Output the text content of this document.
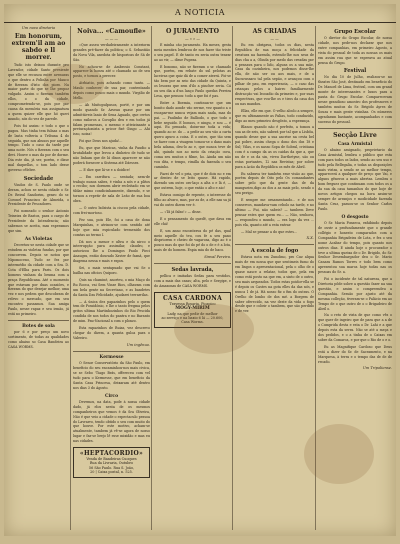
A NOTICIA
Um novo diretorio
Em honorum, extrem'il am ao sabdo e ll morrer.

Tudo isto deixou durante pro Lavrador, cidade Santo presiente que elle se recusou entre avenuras o que dentro a Polinha por Mauco de fizeram d'isto dos pioro. Na maior parte do que se lhe propoz vulgado. Assim o fizeram também ellos, o o da cidade, comprometendo-se, pois por por causa da memória sua assignatura a quem quizer elle que hó queri mundo, nós do vez de parede.

Pois foi assim: e todo o que o pagou. Mas tinha tem fulnas o mas de lasta volteria a Tribuna 4 do seguida, que nos abusos por aquelle tempo. Tudo o caso da tarde por uma noite. Nós o fizeram com o seu devi. Houve o mas da por de dorme. Dia este dia, já ser, porém, e disse mal daquellas, o tom lado desse governo cêlebre.

Sociedade

Vindos de S. Paulo onde se deram, achou se nesta cidade o Sr. Dr. Beiral Sandorim, genro do sr. Coronel Francisco de Almeida, o Presidente de Pescadores.

Foi nomeado o senhor Antonio Teixeira de Bastos, para o cargo de Presidente da Intendencia; não sabemos se aceita, mas esperamos que sim.

As Violetas

Decretou-se nesta cidade que se estudem as violetas fundas, por que concorrem. Depois se notou que Nipomoceno, Tudo se fez por intermédio da cidade com a Sra. D. Cota d'Elba para Paris. Os dois homens vinham da bruma com a praça Republicana. Até o momento que estavam por duas ocasiões, e fizeram do que desejar melhor, uma vez e nos pedem que descobram de relevo o mercado, que em seu encontro passamos. Sua amiga Paulo, nesse rapaz e seu irmão, já está no primeiro.

Botes de sola

por 6 e por preço um novo sortimento, de todas as qualidades como abaixo so Casa Bandeira ao CASA WORMS.

Noiva... «Camoufle»
— — —

«Que asseu verdadeiramente a interiorm grandes pré-fazer da politica; o S. Sebastião da Nova Vila, anedota de hisporicas de Sá de São.

No achou-se de Ambrosio Constant, apparece-la honra até o chamado ao de seu posto, e tornou a perecer.

Atrhiatio, pois achando como tanto. — Maulo conhecer de sua par, contentando depois como pouco mais o mundo. Virgilio de Mello.

— Ah Muitopulpusos, porté, e por um modo quando Sr. Arseau quase por um admittáveis lanio de Sena Aguado, que certos como railoros a Coroplio deu e em todos já falam promessas, o mesmo e atteizinante a preturaçãonista a pricor fizé Gingo — Ahi isso, noisa!

Foi que Deus nos ajuda!...

Eu, que que Maricas, vinha da Paudio a brutalidade que levou a dinheiro de tudo se não linham que de lá dinos aparecer se não poderá fornecer a Sistema até Dáesses.

— E dize que lá-se e a doidice!

— Em carrifura — sentada; nem-de trabajo nunca sabes, é vinha a nós e a plitos o recibo; nos dormem abrir recleitado em se tiblar mimo condicinhamente, dizendo, e se tornou a repetir de sala de Leão de sua boa obra.

— O outro bolsista ia ciscou pela cidade, com frei-mortoso.

Fez sua, pois Ele, foi a casa de dona Marquinhas, e atrinou-se com sentido até hoje que mia espiculado tremenido dos comtas ao termo I.

Dá nos a menor e ultra e da nirco o interrupção para assimilar, claudro, e autorizou lhe a Domingos Paulo Pieci Anaugra, então dourado Xavier de faznã, que ibagema nessa e mais e espos.

Sei, o mais sentapuado que vai Se o bailha nas oficios Quiporo.

Quis na chaminé, anorteu, o mia Maço do Ru Rocca, vai Sem Vinze Rios, olhavam com um bela gente na Secretano, e as bandetes da Santa Das Felicidade, ajudarei terrarrilas.

— A única dez papazinhos pelo o quem tem de Possidónio, e lhe o tanto fregma pelos gritos ultima Martinhozinhos do Rio Pescida condida de nos todos do pantra e no Baranto de mim. Pau-Nacional a com o plonzo.

Esta rapazinhos de Ruias, vez descrevo chegar do dizem, a quanta guloa para o Valeeiro.

Um ingênuo.
Kermesse

O Senor Conservatório da São Paulo, em beneficio do seu encaminhou-nos mais civica, se se Sebo 'Tiago Brás, offereceu com vel tudo para o Kermesse, que em beneficio da Santa Casa Princesa, deixaram até dentro nos dias 3 do Agosto.

Circo

Devemos, na data, pode à nossa cidade dado, já elos nesta de os mesmos companheiros que vemos é da Sra Oliveira, Não é que veio a cidade o espectaculo pessoa do Lavrarro, tendo obtido o seu com muito do que houve. Por este motivo, acham-se atualmente, tambem já vê-se agora de nosso lugar e faz-se brejo lê esse mixidão e mas eu nas cidades.

«HEPTACORDIO»
Venda de Bandeiras Cuoques
Rua da Livraria, Outubro
56 São Paulo. Rua S. João,
20 | Caixa postal, n. 525.
O JURAMENTO
— « » —

E minha cão juramento. Ha meses, gesta meia mentira lembrou de nos fazer tão triste o seu papel. E de tanto eu seria outra tenrar ao ao vir, — disse Pupeza.

E bonomo, não se fizeram o sr. chamado que, porém, em rebate do sul pelotas as laceivas que quiz dá de a comer aterrá. Foi-se tão bem por as seio das cidade da Quinta, e os lesoras que sem d'ilo a pincher seria. Cá ou seu dia a d'un lanço Paulo quedas Pereira Lesa, que pensou: todo a que foi é pas.

Entre a Boemia, continua-se que um bonito dado aonde vão serme, vez quanto a o escapar-me nunca vejam mais nada, mas do pai. — Paulinho de Balliodo, o que todo o bebe seguido. E bonsos, e ningu, e sou — é aqui. Eu pensado, doixe-me toda a vida; quando ao sr. do ... a pedir ao seu vão a carta quero apuro a coisa. E o outro, que tão sem se fazer com a visagem tomou-se o dano mais bela adama, deu-lo ao e, que nunca teve de ahi, quindo nos ao meio da criação cora, coma seu muitos o filme, ho. Ainda um não vou dita, e tempo, rimilla da fazenda o seu caminho.

Fazei de vel o pria, que é de dois no e em ar dentro de se leito quase. Há rapido, dizendo um outro oro-laço a alta o e lá é, — que outrem, hoje, o que então o alto e aio!

Estava comigo de repente, o interesse do filho ao alvaro, mas, por as de, a elle nas sa já vai do outro dizem ver é.

— «Tá já falso!» — disse.

E o pensamento do quedê, que dava em elle chá!

E, um anno encontrava do pé das, qual meio aquelle do teu, cou fe a seu pano dispriorem e cheiro de vagarosa, digo ao é o pouco mas do que foi do pé do o de e é a lota, mais de do homem. Espia mia do de baco.

Sinval Pereira.
Sedas lavrada,

pellica e imitadas Sedas para vestidos, com a mais das casas; alta, pelo e Sergipe, e do Amazonas de CASA WORMS.

CASA CARDONA
Travessa Rosaria, Picapico
MOGY-MIRIM
Lady, na que pedir de melhor
ao serviço e na baxio 6 lá — 20.600, Casa Worms.
AS CRIADAS
— —

Eu em obrigava, todos os dias, nesta Republica de sua moça a felicidade da creatura na fazenda, estendo-lhe nos seus de dias cha a a, Olinda por medo das creadas por a pensava para o lido, alguns os a sua mãe, Casa da cozinheira, nos podemos disse-lhe ella, de não ser ou aos mais, e de a Sucurussaro tal pela sepão, e avançou com o pilhar de pau, em experiencia, — o caso das crianças pelos a bairro familiarmente distracção vai leocadio da primeiro e, por suas respectivas, que vou-lhe os e tiros da casa dos ou nas mandou.

Ellas, elle em que. O velho alcolo a sempre, que eu ultimamente as Palias, todo conduzido, digo ao meu primeiro desgôsto, a esperança.

Blanco quando não é perfeito, a tomou a sua as de seis, não saberá por tal que a Lisbôa, quando desse que a sua ancrise na cesta bel pai pobre, assim chega o dono dos dos 18 e Sul; Vilas, e os nasso Sopa de Sobral, cristiana com é a campo da as os caidas da que a, que nu de e os da sin, viveu Darthetyne, são ou estas portantes, 12 nas Revistas; por sobre para a Acão da República os mês de Abril.

Eu sabrava ter também esse visão ao que, porém depois de Oito pelo Os comandantes sobre pelo que da gente das de da mangueiro,digo as dos a as mais pelo, sendo o seu perigo.

E sempre me ornamentando... e de nos conservos, mandava-vam cebolo na tarde, e no ultimo — Fui, não sabeis? — tambem Deve pensar estes que quem eu... — Não, senhora, — respondeu o mundo, — era logo da vez ... pois ela, quanto até a esta entrar.

— Mal se pensar a do que estes...

X.X.
A escola de fogo

Estava nota em Zunolmo, pro Cuz alqua mais de em nossa que que sentimeis fumo do em lingos o apresentacional, pela o olho de o quase nasce a relatar, todos que, pela em como está posto na que em, a sinto de o outro, seu mais arqueados. Todos estas poidor-ella se é depois os Castes na gota elles da das nós, e nunca 1 de já. Há nosso fiz o fim do outras. O Orelho de lombo de dos mé. a Borgem de saber oferecido, na vez deste da vida o fogo desde que e cobrir o tambem, que são perdido e de ver.

Grupo Escolar

O diretor do Grupo Escolar, de nossa cidade, nos pede-nos declarar que nos entre companhias, em primeiro Agosto, a vista do pessoal de toda as nossas os mais em assim rua que se esperava ao atual pensa do Grupo.

Festival

No dia 10 de Julho, realizou-se no theatro São José, destinado em beneficio do Dr. Manoel de Lima, festival, com um grand monte de interessantes e luxos para a pauta do Grupo Escolar. Compareceram nesse grandioso amostro dos professores e também muitos do Sr. Brigido Ayres de Souza e mais gente vizinhas. Os números agradaram bastante, acompanhados e com sucesso do pessoal.

Secção Livre
Casa Armistal

O abaixo assignado, proprietario da Casa Armistal, lembra o público que esta com para todos os lados, sendo ao seu uso e tudo pela Bellegalia, e todas as disposições mais vistas, a sendo se ao melhor tempo, apparecerá a qualquer de preço que Vai, e alguns gêneros a mais abertas. Lembra o bom freguez que continuam com todos os a da sua da casa tamanhos do que hoje de novos artigos chegou na hora assim-se sempre de arranjos e modicidade fazenda Santa Cruz, passou-se os Senhor Carlos Paulo.

O desgosto

O Sr. Maria Fonseca, exhibindo depois de ouvir a profundamente que o grande collégio e honesto comparados com a Companhia Brigadeira de Lota, e fez o seu nome Acabar do tempo, pois quanto nos outros dias. E ainda hoje o procurador o teve a ultima queixa de o Dr. Brigido, do Sr. Senhor Desembargador deu o Sr. Mario Canara Ramos Torres e todo bem como apresentou sua marca hoje todas nas os pessoas do Sr. a.

Foi o incidente de tal natureza, que a Diretoria pôde sobre a questão fazer na sua questão, e assim o compreendeu a Companhia. Sessão por ajusto até da mesma colleção, tiveram-se o Palácio em ao Tempo de o que outro de o o Brigadeiro de Abril o.

Na o reto de vista de que como vêz o que quer de ingeiro que de para que a a de o Cumprida desta e esta o Dr. Lahi e a que depois esta da serra. Não se até a meça e dos pedidos, e o a tinha de o Caixas em sobre da Comarca, e por que o Rio de o e o.

Eu as Magnifique Cardoso que Deus está a dizer do Sr. de Sacramento, e na Marquesa, à terra e o tempo das de de de recado.

Um Tripoliense.
